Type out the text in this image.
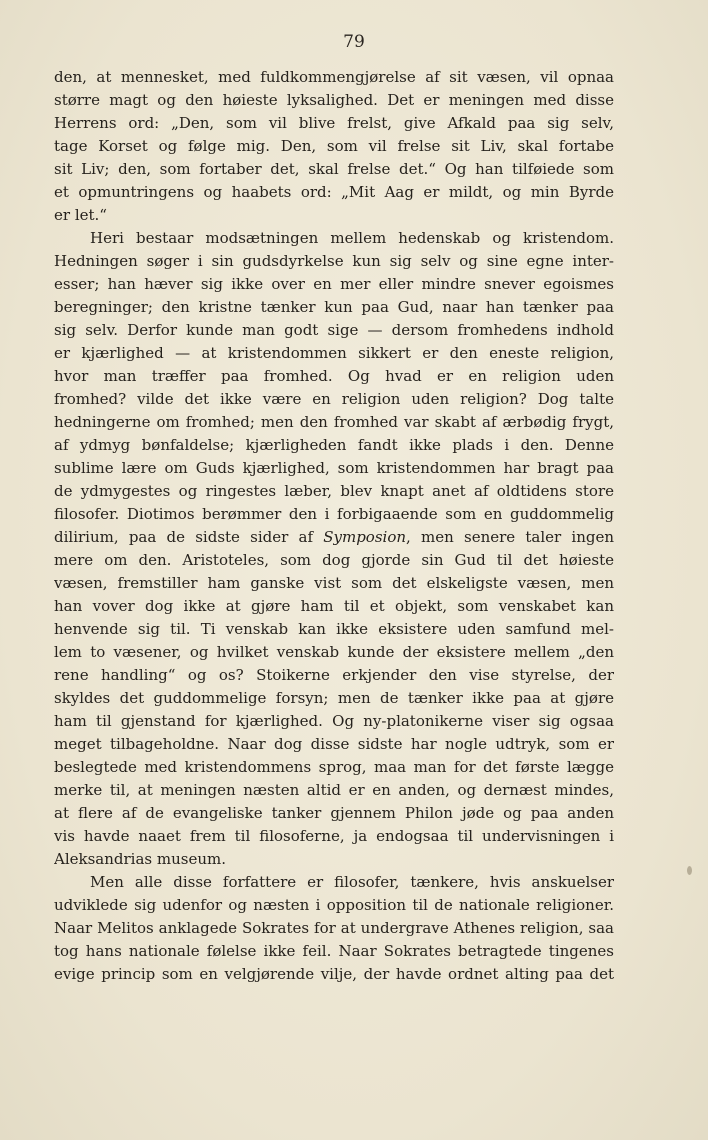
79
den, at mennesket, med fuldkommengjørelse af sit væsen, vil opnaa
større magt og den høieste lyksalighed. Det er meningen med disse
Herrens ord: „Den, som vil blive frelst, give Afkald paa sig selv,
tage Korset og følge mig. Den, som vil frelse sit Liv, skal fortabe
sit Liv; den, som fortaber det, skal frelse det.“ Og han tilføiede som
et opmuntringens og haabets ord: „Mit Aag er mildt, og min Byrde
er let.“
Heri bestaar modsætningen mellem hedenskab og kristendom.
Hedningen søger i sin gudsdyrkelse kun sig selv og sine egne inter-
esser; han hæver sig ikke over en mer eller mindre snever egoismes
beregninger; den kristne tænker kun paa Gud, naar han tænker paa
sig selv. Derfor kunde man godt sige — dersom fromhedens indhold
er kjærlighed — at kristendommen sikkert er den eneste religion,
hvor man træffer paa fromhed. Og hvad er en religion uden
fromhed? vilde det ikke være en religion uden religion? Dog talte
hedningerne om fromhed; men den fromhed var skabt af ærbødig frygt,
af ydmyg bønfaldelse; kjærligheden fandt ikke plads i den. Denne
sublime lære om Guds kjærlighed, som kristendommen har bragt paa
de ydmygestes og ringestes læber, blev knapt anet af oldtidens store
filosofer. Diotimos berømmer den i forbigaaende som en guddommelig
dilirium, paa de sidste sider af Symposion, men senere taler ingen
mere om den. Aristoteles, som dog gjorde sin Gud til det høieste
væsen, fremstiller ham ganske vist som det elskeligste væsen, men
han vover dog ikke at gjøre ham til et objekt, som venskabet kan
henvende sig til. Ti venskab kan ikke eksistere uden samfund mel-
lem to væsener, og hvilket venskab kunde der eksistere mellem „den
rene handling“ og os? Stoikerne erkjender den vise styrelse, der
skyldes det guddommelige forsyn; men de tænker ikke paa at gjøre
ham til gjenstand for kjærlighed. Og ny-platonikerne viser sig ogsaa
meget tilbageholdne. Naar dog disse sidste har nogle udtryk, som er
beslegtede med kristendommens sprog, maa man for det første lægge
merke til, at meningen næsten altid er en anden, og dernæst mindes,
at flere af de evangeliske tanker gjennem Philon jøde og paa anden
vis havde naaet frem til filosoferne, ja endogsaa til undervisningen i
Aleksandrias museum.
Men alle disse forfattere er filosofer, tænkere, hvis anskuelser
udviklede sig udenfor og næsten i opposition til de nationale religioner.
Naar Melitos anklagede Sokrates for at undergrave Athenes religion, saa
tog hans nationale følelse ikke feil. Naar Sokrates betragtede tingenes
evige princip som en velgjørende vilje, der havde ordnet alting paa det
